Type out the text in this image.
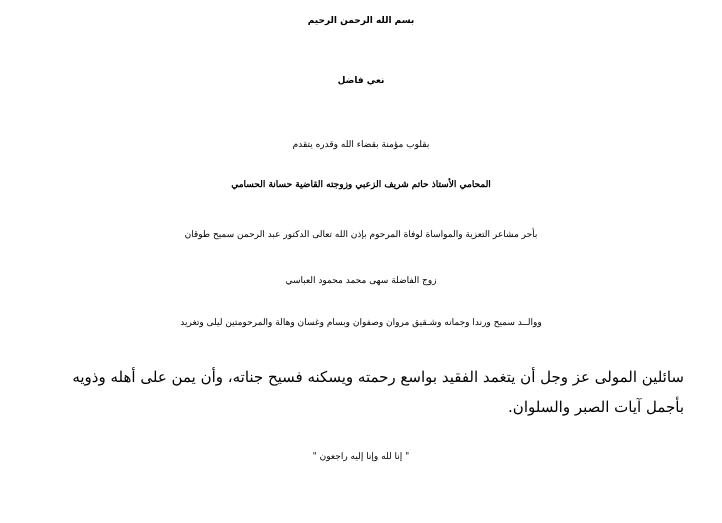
بسم الله الرحمن الرحيم
نعي فاضل
بقلوب مؤمنة بقضاء الله وقدره يتقدم
المحامي الأستاذ حاتم شريف الزعبي وزوجته القاضية حسانة الحسامي
بأحر مشاعر التعزية والمواساة لوفاة المرحوم بإذن الله تعالى الدكتور عبد الرحمن سميح طوقان
زوج الفاضلة سهى محمد محمود العباسي
ووالــد سميح ورندا وجمانه وشـقيق مروان وصفوان وبسام وغسان وهالة والمرحومتين ليلى وتغريد
سائلين المولى عز وجل أن يتغمد الفقيد بواسع رحمته ويسكنه فسيح جناته، وأن يمن على أهله وذويه بأجمل آيات الصبر والسلوان.
" إنا لله وإنا إليه راجعون "
